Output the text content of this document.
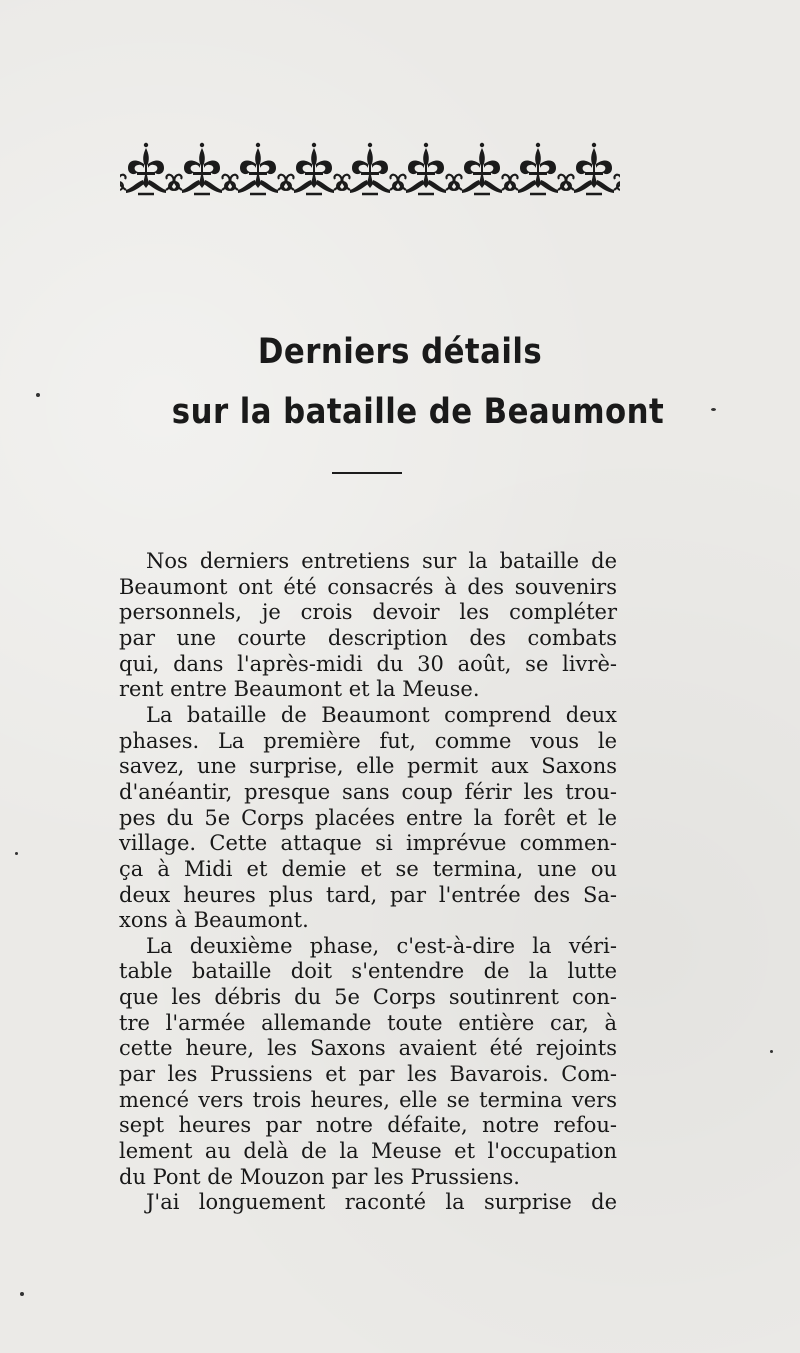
Derniers détails
sur la bataille de Beaumont
Nos derniers entretiens sur la bataille de
Beaumont ont été consacrés à des souvenirs
personnels, je crois devoir les compléter
par une courte description des combats
qui, dans l'après-midi du 30 août, se livrè-
rent entre Beaumont et la Meuse.
La bataille de Beaumont comprend deux
phases. La première fut, comme vous le
savez, une surprise, elle permit aux Saxons
d'anéantir, presque sans coup férir les trou-
pes du 5e Corps placées entre la forêt et le
village. Cette attaque si imprévue commen-
ça à Midi et demie et se termina, une ou
deux heures plus tard, par l'entrée des Sa-
xons à Beaumont.
La deuxième phase, c'est-à-dire la véri-
table bataille doit s'entendre de la lutte
que les débris du 5e Corps soutinrent con-
tre l'armée allemande toute entière car, à
cette heure, les Saxons avaient été rejoints
par les Prussiens et par les Bavarois. Com-
mencé vers trois heures, elle se termina vers
sept heures par notre défaite, notre refou-
lement au delà de la Meuse et l'occupation
du Pont de Mouzon par les Prussiens.
J'ai longuement raconté la surprise de
